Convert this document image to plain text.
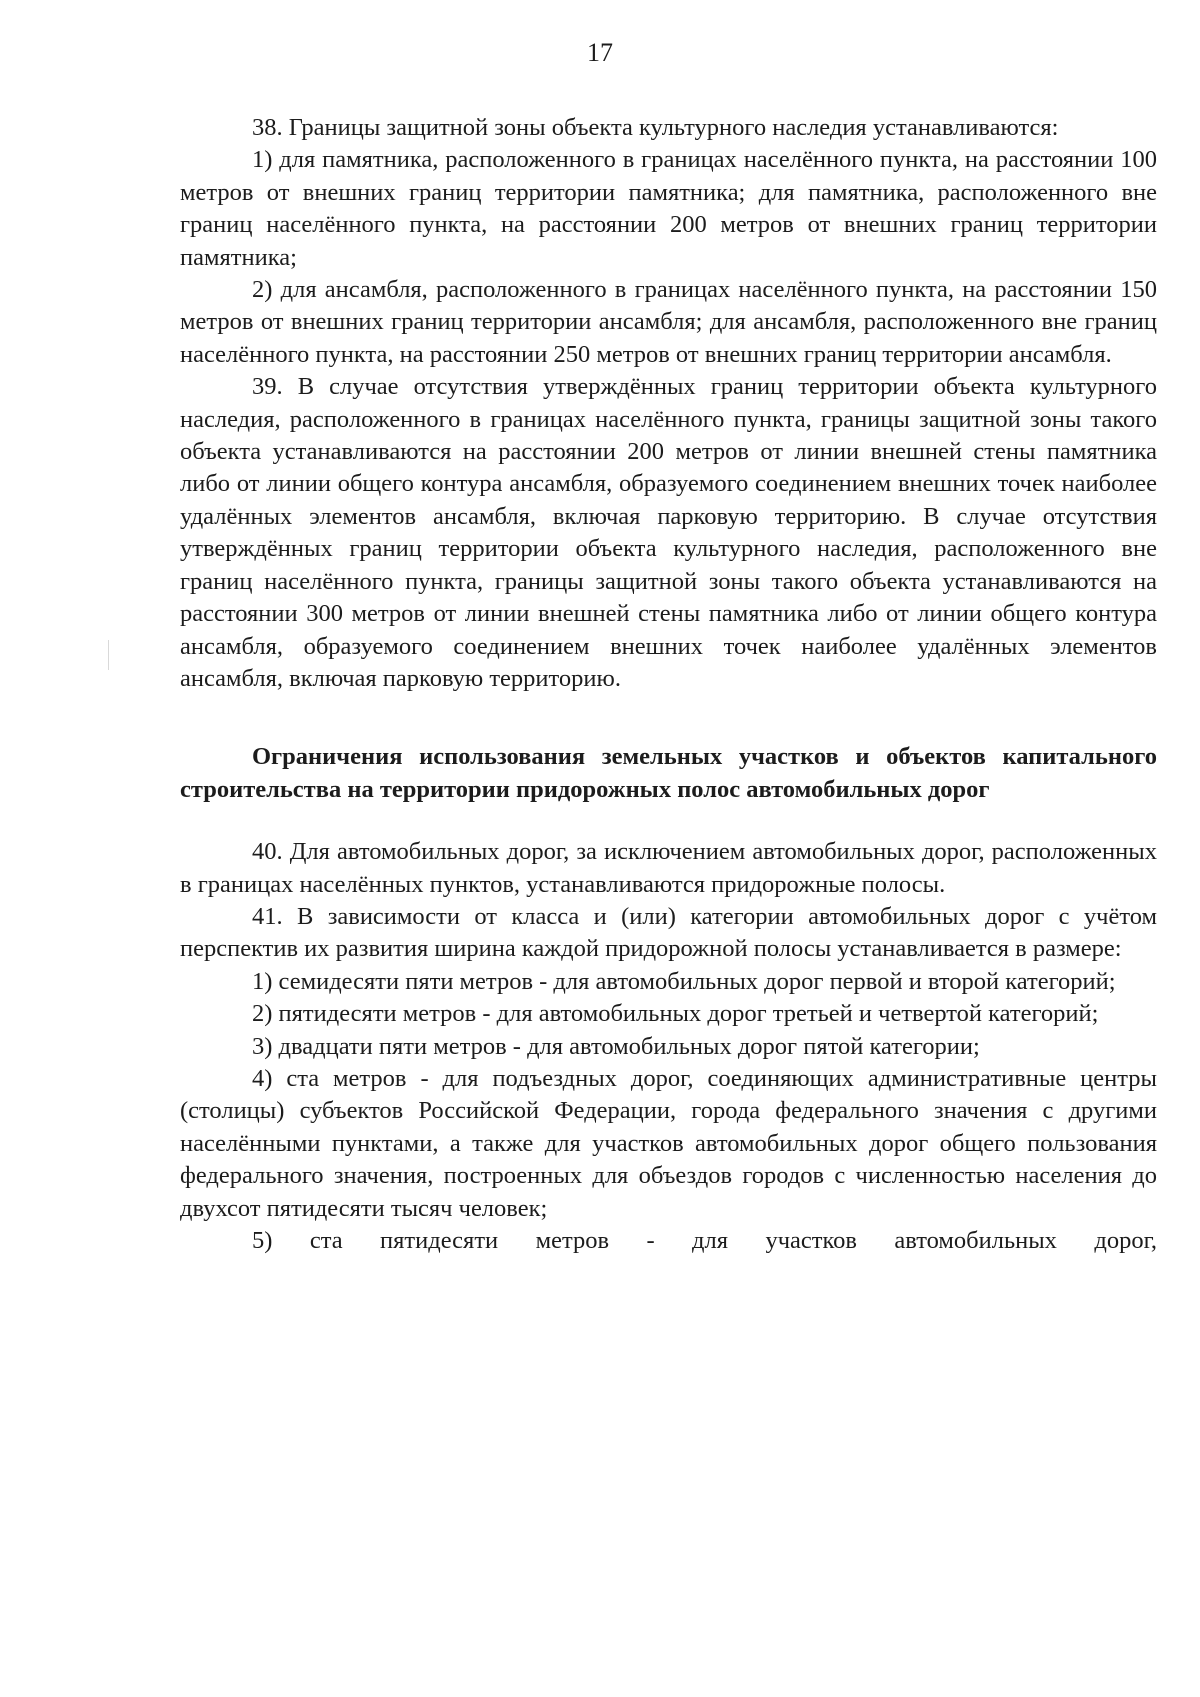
17

38. Границы защитной зоны объекта культурного наследия устанавливаются:

1) для памятника, расположенного в границах населённого пункта, на расстоянии 100 метров от внешних границ территории памятника; для памятника, расположенного вне границ населённого пункта, на расстоянии 200 метров от внешних границ территории памятника;

2) для ансамбля, расположенного в границах населённого пункта, на расстоянии 150 метров от внешних границ территории ансамбля; для ансамбля, расположенного вне границ населённого пункта, на расстоянии 250 метров от внешних границ территории ансамбля.

39. В случае отсутствия утверждённых границ территории объекта культурного наследия, расположенного в границах населённого пункта, границы защитной зоны такого объекта устанавливаются на расстоянии 200 метров от линии внешней стены памятника либо от линии общего контура ансамбля, образуемого соединением внешних точек наиболее удалённых элементов ансамбля, включая парковую территорию. В случае отсутствия утверждённых границ территории объекта культурного наследия, расположенного вне границ населённого пункта, границы защитной зоны такого объекта устанавливаются на расстоянии 300 метров от линии внешней стены памятника либо от линии общего контура ансамбля, образуемого соединением внешних точек наиболее удалённых элементов ансамбля, включая парковую территорию.

Ограничения использования земельных участков и объектов капитального строительства на территории придорожных полос автомобильных дорог

40. Для автомобильных дорог, за исключением автомобильных дорог, расположенных в границах населённых пунктов, устанавливаются придорожные полосы.

41. В зависимости от класса и (или) категории автомобильных дорог с учётом перспектив их развития ширина каждой придорожной полосы устанавливается в размере:

1) семидесяти пяти метров - для автомобильных дорог первой и второй категорий;

2) пятидесяти метров - для автомобильных дорог третьей и четвертой категорий;

3) двадцати пяти метров - для автомобильных дорог пятой категории;

4) ста метров - для подъездных дорог, соединяющих административные центры (столицы) субъектов Российской Федерации, города федерального значения с другими населёнными пунктами, а также для участков автомобильных дорог общего пользования федерального значения, построенных для объездов городов с численностью населения до двухсот пятидесяти тысяч человек;

5) ста пятидесяти метров - для участков автомобильных дорог,
